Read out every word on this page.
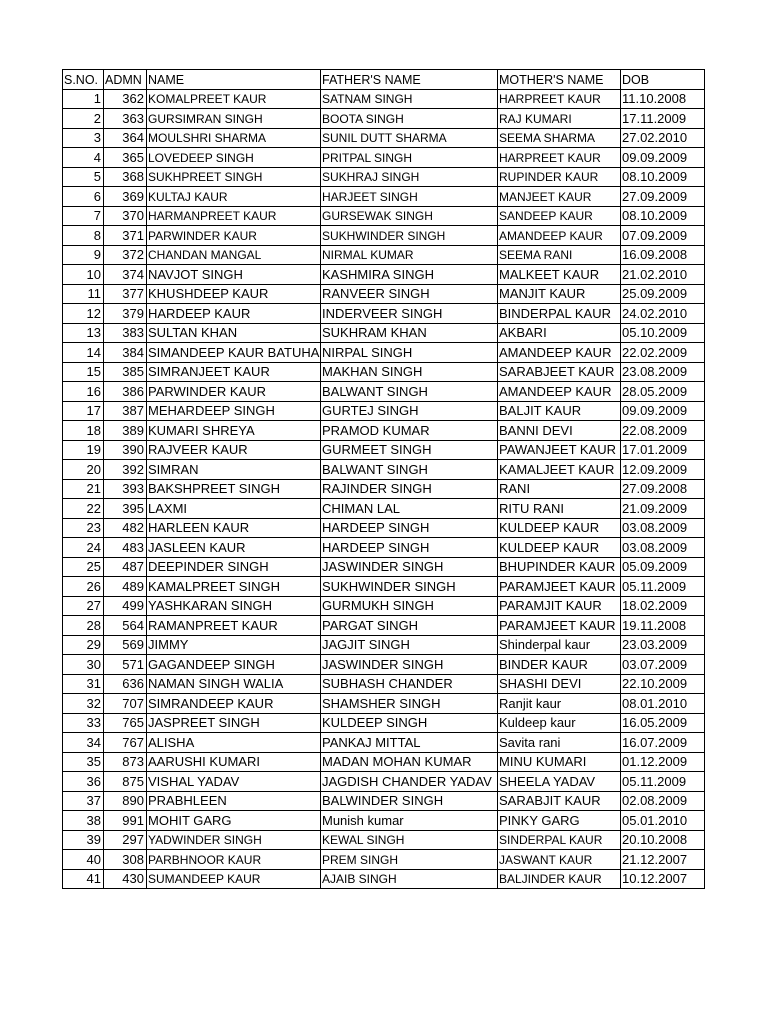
S.NO.	ADMN	NAME	FATHER'S NAME	MOTHER'S NAME	DOB
1	362	KOMALPREET KAUR	SATNAM SINGH	HARPREET KAUR	11.10.2008
2	363	GURSIMRAN SINGH	BOOTA SINGH	RAJ KUMARI	17.11.2009
3	364	MOULSHRI SHARMA	SUNIL DUTT SHARMA	SEEMA SHARMA	27.02.2010
4	365	LOVEDEEP SINGH	PRITPAL SINGH	HARPREET KAUR	09.09.2009
5	368	SUKHPREET SINGH	SUKHRAJ SINGH	RUPINDER KAUR	08.10.2009
6	369	KULTAJ KAUR	HARJEET SINGH	MANJEET KAUR	27.09.2009
7	370	HARMANPREET KAUR	GURSEWAK SINGH	SANDEEP KAUR	08.10.2009
8	371	PARWINDER KAUR	SUKHWINDER SINGH	AMANDEEP KAUR	07.09.2009
9	372	CHANDAN MANGAL	NIRMAL KUMAR	SEEMA RANI	16.09.2008
10	374	NAVJOT SINGH	KASHMIRA SINGH	MALKEET KAUR	21.02.2010
11	377	KHUSHDEEP KAUR	RANVEER SINGH	MANJIT KAUR	25.09.2009
12	379	HARDEEP KAUR	INDERVEER SINGH	BINDERPAL KAUR	24.02.2010
13	383	SULTAN KHAN	SUKHRAM KHAN	AKBARI	05.10.2009
14	384	SIMANDEEP KAUR BATUHA	NIRPAL SINGH	AMANDEEP KAUR	22.02.2009
15	385	SIMRANJEET KAUR	MAKHAN SINGH	SARABJEET KAUR	23.08.2009
16	386	PARWINDER KAUR	BALWANT SINGH	AMANDEEP KAUR	28.05.2009
17	387	MEHARDEEP SINGH	GURTEJ SINGH	BALJIT KAUR	09.09.2009
18	389	KUMARI SHREYA	PRAMOD KUMAR	BANNI DEVI	22.08.2009
19	390	RAJVEER KAUR	GURMEET SINGH	PAWANJEET KAUR	17.01.2009
20	392	SIMRAN	BALWANT SINGH	KAMALJEET KAUR	12.09.2009
21	393	BAKSHPREET SINGH	RAJINDER SINGH	RANI	27.09.2008
22	395	LAXMI	CHIMAN LAL	RITU RANI	21.09.2009
23	482	HARLEEN KAUR	HARDEEP SINGH	KULDEEP KAUR	03.08.2009
24	483	JASLEEN KAUR	HARDEEP SINGH	KULDEEP KAUR	03.08.2009
25	487	DEEPINDER SINGH	JASWINDER SINGH	BHUPINDER KAUR	05.09.2009
26	489	KAMALPREET SINGH	SUKHWINDER SINGH	PARAMJEET KAUR	05.11.2009
27	499	YASHKARAN SINGH	GURMUKH SINGH	PARAMJIT KAUR	18.02.2009
28	564	RAMANPREET KAUR	PARGAT SINGH	PARAMJEET KAUR	19.11.2008
29	569	JIMMY	JAGJIT SINGH	Shinderpal kaur	23.03.2009
30	571	GAGANDEEP SINGH	JASWINDER SINGH	BINDER KAUR	03.07.2009
31	636	NAMAN SINGH WALIA	SUBHASH CHANDER	SHASHI DEVI	22.10.2009
32	707	SIMRANDEEP KAUR	SHAMSHER SINGH	Ranjit kaur	08.01.2010
33	765	JASPREET SINGH	KULDEEP SINGH	Kuldeep kaur	16.05.2009
34	767	ALISHA	PANKAJ MITTAL	Savita rani	16.07.2009
35	873	AARUSHI KUMARI	MADAN MOHAN KUMAR	MINU KUMARI	01.12.2009
36	875	VISHAL YADAV	JAGDISH CHANDER YADAV	SHEELA YADAV	05.11.2009
37	890	PRABHLEEN	BALWINDER SINGH	SARABJIT KAUR	02.08.2009
38	991	MOHIT GARG	Munish kumar	PINKY GARG	05.01.2010
39	297	YADWINDER SINGH	KEWAL SINGH	SINDERPAL KAUR	20.10.2008
40	308	PARBHNOOR KAUR	PREM SINGH	JASWANT KAUR	21.12.2007
41	430	SUMANDEEP KAUR	AJAIB SINGH	BALJINDER KAUR	10.12.2007
